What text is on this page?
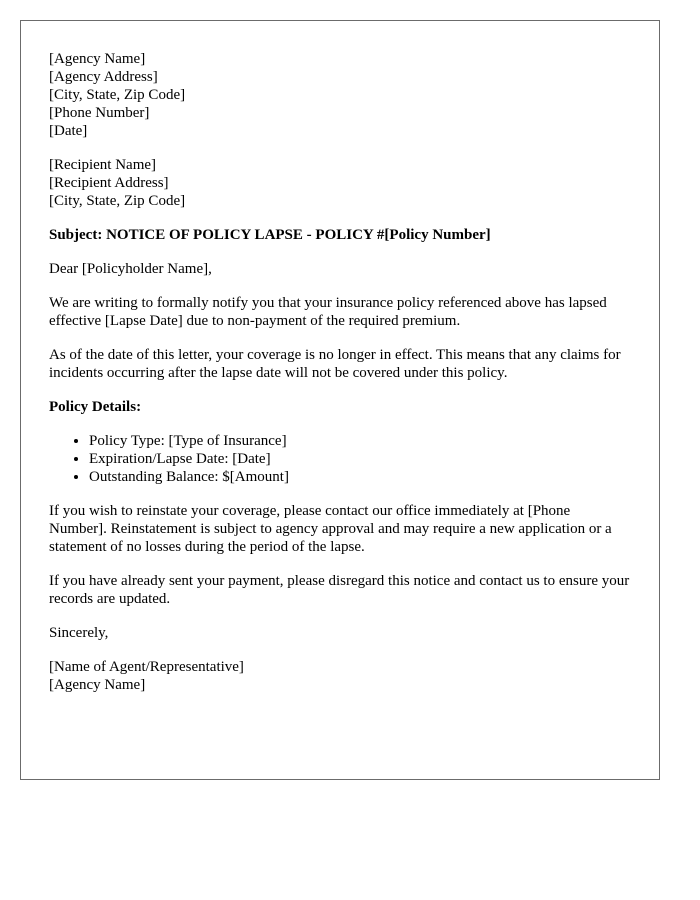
[Agency Name]
[Agency Address]
[City, State, Zip Code]
[Phone Number]
[Date]
[Recipient Name]
[Recipient Address]
[City, State, Zip Code]

Subject: NOTICE OF POLICY LAPSE - POLICY #[Policy Number]

Dear [Policyholder Name],

We are writing to formally notify you that your insurance policy referenced above has lapsed effective [Lapse Date] due to non-payment of the required premium.

As of the date of this letter, your coverage is no longer in effect. This means that any claims for incidents occurring after the lapse date will not be covered under this policy.

Policy Details:

• Policy Type: [Type of Insurance]
• Expiration/Lapse Date: [Date]
• Outstanding Balance: $[Amount]

If you wish to reinstate your coverage, please contact our office immediately at [Phone Number]. Reinstatement is subject to agency approval and may require a new application or a statement of no losses during the period of the lapse.

If you have already sent your payment, please disregard this notice and contact us to ensure your records are updated.

Sincerely,

[Name of Agent/Representative]
[Agency Name]
